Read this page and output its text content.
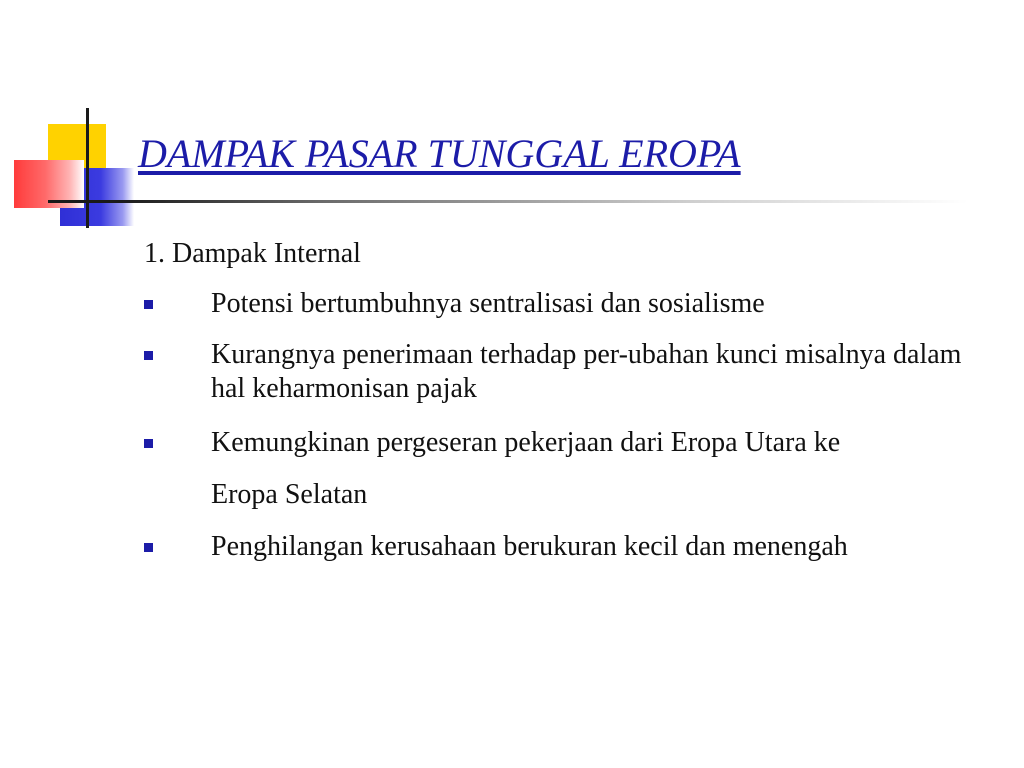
DAMPAK PASAR TUNGGAL EROPA
1. Dampak Internal
Potensi bertumbuhnya sentralisasi dan sosialisme
Kurangnya penerimaan terhadap per-ubahan kunci misalnya dalam hal keharmonisan pajak
Kemungkinan pergeseran pekerjaan dari Eropa Utara ke
Eropa Selatan
Penghilangan kerusahaan berukuran kecil dan menengah
